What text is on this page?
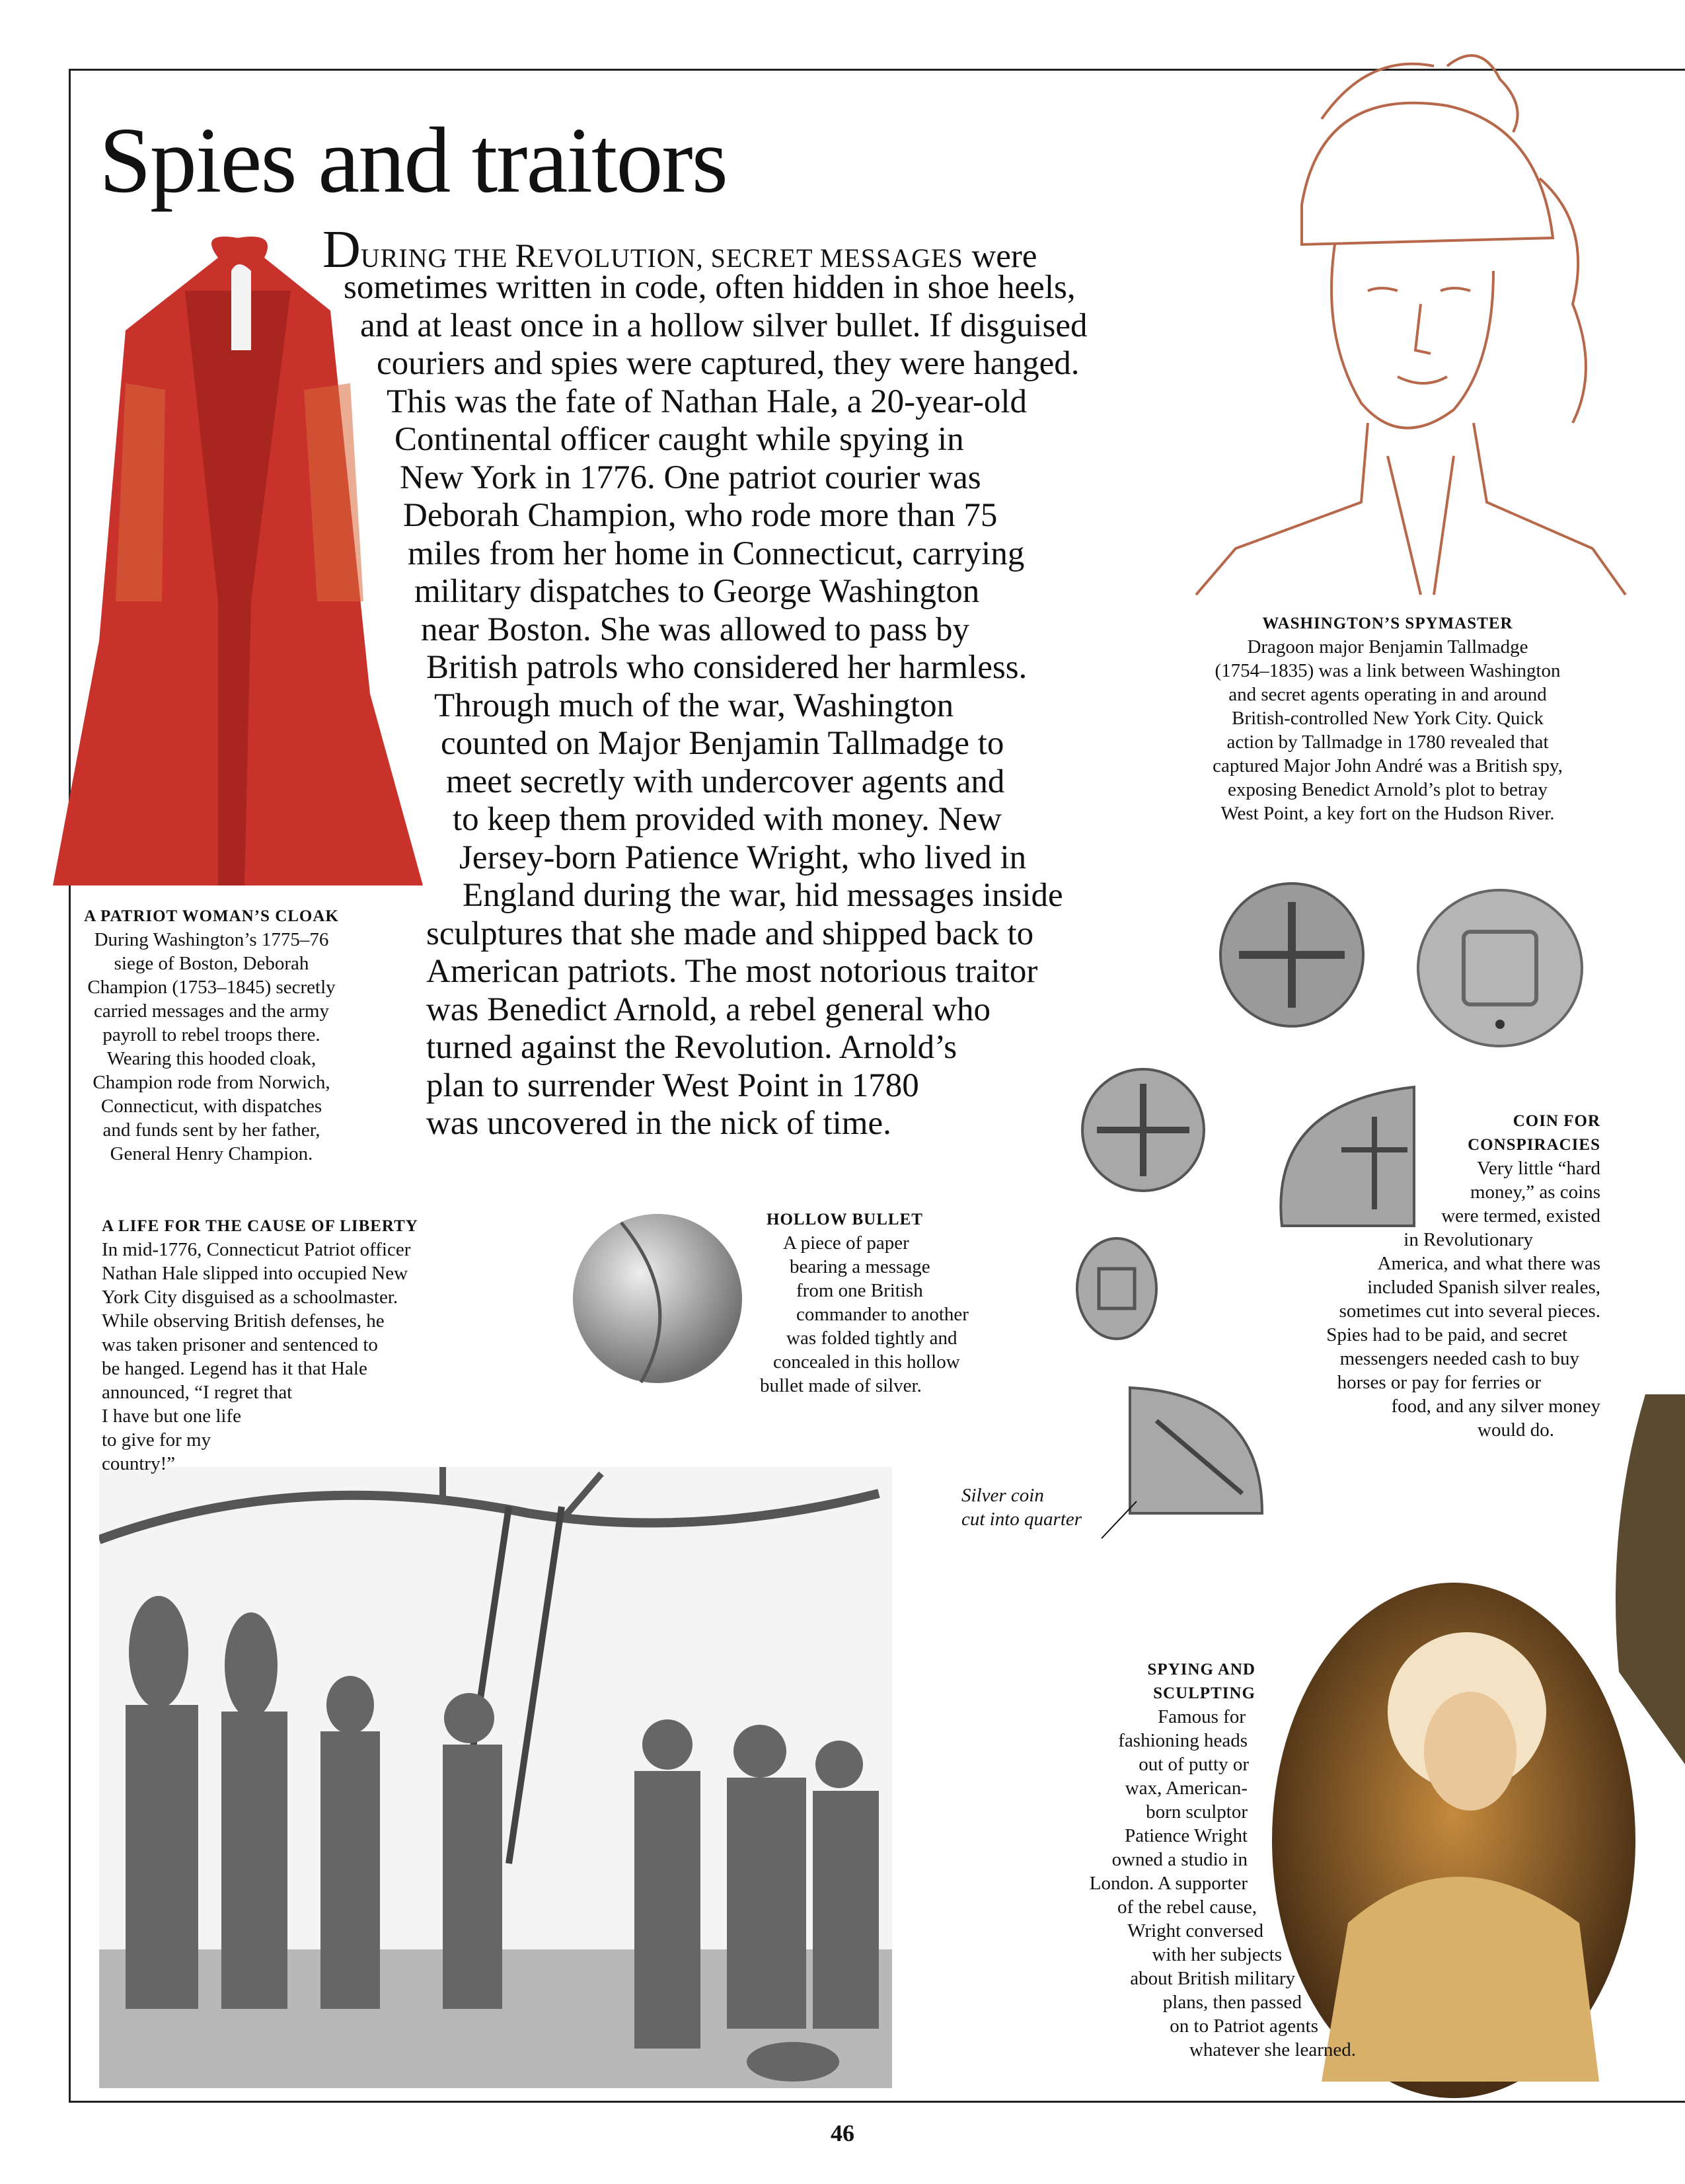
Spies and traitors
DURING THE REVOLUTION, SECRET MESSAGES were
sometimes written in code, often hidden in shoe heels,
and at least once in a hollow silver bullet. If disguised
couriers and spies were captured, they were hanged.
This was the fate of Nathan Hale, a 20-year-old
Continental officer caught while spying in
New York in 1776. One patriot courier was
Deborah Champion, who rode more than 75
miles from her home in Connecticut, carrying
military dispatches to George Washington
near Boston. She was allowed to pass by
British patrols who considered her harmless.
Through much of the war, Washington
counted on Major Benjamin Tallmadge to
meet secretly with undercover agents and
to keep them provided with money. New
Jersey-born Patience Wright, who lived in
England during the war, hid messages inside
sculptures that she made and shipped back to
American patriots. The most notorious traitor
was Benedict Arnold, a rebel general who
turned against the Revolution. Arnold’s
plan to surrender West Point in 1780
was uncovered in the nick of time.
A PATRIOT WOMAN’S CLOAK
During Washington’s 1775–76
siege of Boston, Deborah
Champion (1753–1845) secretly
carried messages and the army
payroll to rebel troops there.
Wearing this hooded cloak,
Champion rode from Norwich,
Connecticut, with dispatches
and funds sent by her father,
General Henry Champion.
WASHINGTON’S SPYMASTER
Dragoon major Benjamin Tallmadge
(1754–1835) was a link between Washington
and secret agents operating in and around
British-controlled New York City. Quick
action by Tallmadge in 1780 revealed that
captured Major John André was a British spy,
exposing Benedict Arnold’s plot to betray
West Point, a key fort on the Hudson River.
A LIFE FOR THE CAUSE OF LIBERTY
In mid-1776, Connecticut Patriot officer
Nathan Hale slipped into occupied New
York City disguised as a schoolmaster.
While observing British defenses, he
was taken prisoner and sentenced to
be hanged. Legend has it that Hale
announced, “I regret that
I have but one life
to give for my
country!”
HOLLOW BULLET
A piece of paper
bearing a message
from one British
commander to another
was folded tightly and
concealed in this hollow
bullet made of silver.
COIN FOR
CONSPIRACIES
Very little “hard
money,” as coins
were termed, existed
in Revolutionary
America, and what there was
included Spanish silver reales,
sometimes cut into several pieces.
Spies had to be paid, and secret
messengers needed cash to buy
horses or pay for ferries or
food, and any silver money
would do.
Silver coin
cut into quarter
SPYING AND
SCULPTING
Famous for
fashioning heads
out of putty or
wax, American-
born sculptor
Patience Wright
owned a studio in
London. A supporter
of the rebel cause,
Wright conversed
with her subjects
about British military
plans, then passed
on to Patriot agents
whatever she learned.
46
